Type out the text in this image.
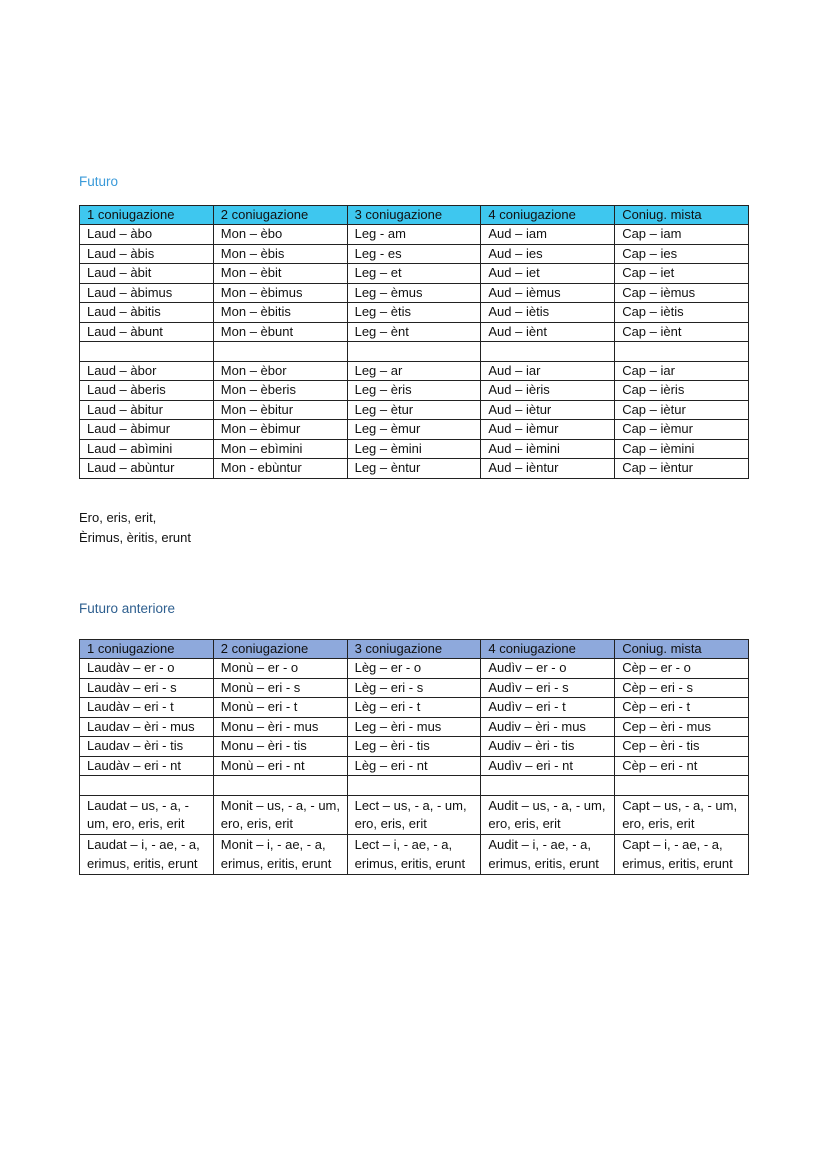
Futuro
1 coniugazione	2 coniugazione	3 coniugazione	4 coniugazione	Coniug. mista
Laud – àbo	Mon – èbo	Leg - am	Aud – iam	Cap – iam
Laud – àbis	Mon – èbis	Leg - es	Aud – ies	Cap – ies
Laud – àbit	Mon – èbit	Leg – et	Aud – iet	Cap – iet
Laud – àbimus	Mon – èbimus	Leg – èmus	Aud – ièmus	Cap – ièmus
Laud – àbitis	Mon – èbitis	Leg – ètis	Aud – iètis	Cap – iètis
Laud – àbunt	Mon – èbunt	Leg – ènt	Aud – iènt	Cap – iènt

Laud – àbor	Mon – èbor	Leg – ar	Aud – iar	Cap – iar
Laud – àberis	Mon – èberis	Leg – èris	Aud – ièris	Cap – ièris
Laud – àbitur	Mon – èbitur	Leg – ètur	Aud – iètur	Cap – iètur
Laud – àbimur	Mon – èbimur	Leg – èmur	Aud – ièmur	Cap – ièmur
Laud – abìmini	Mon – ebìmini	Leg – èmini	Aud – ièmini	Cap – ièmini
Laud – abùntur	Mon - ebùntur	Leg – èntur	Aud – ièntur	Cap – ièntur
Ero, eris, erit,
Èrimus, èritis, erunt
Futuro anteriore
1 coniugazione	2 coniugazione	3 coniugazione	4 coniugazione	Coniug. mista
Laudàv – er - o	Monù – er - o	Lèg – er - o	Audìv – er - o	Cèp – er - o
Laudàv – eri - s	Monù – eri - s	Lèg – eri - s	Audìv – eri - s	Cèp – eri - s
Laudàv – eri - t	Monù – eri - t	Lèg – eri - t	Audìv – eri - t	Cèp – eri - t
Laudav – èri - mus	Monu – èri - mus	Leg – èri - mus	Audiv – èri - mus	Cep – èri - mus
Laudav – èri - tis	Monu – èri - tis	Leg – èri - tis	Audiv – èri - tis	Cep – èri - tis
Laudàv – eri - nt	Monù – eri - nt	Lèg – eri - nt	Audìv – eri - nt	Cèp – eri - nt

Laudat – us, - a, - um, ero, eris, erit	Monit – us, - a, - um, ero, eris, erit	Lect – us, - a, - um, ero, eris, erit	Audit – us, - a, - um, ero, eris, erit	Capt – us, - a, - um, ero, eris, erit
Laudat – i, - ae, - a, erimus, eritis, erunt	Monit – i, - ae, - a, erimus, eritis, erunt	Lect – i, - ae, - a, erimus, eritis, erunt	Audit – i, - ae, - a, erimus, eritis, erunt	Capt – i, - ae, - a, erimus, eritis, erunt
